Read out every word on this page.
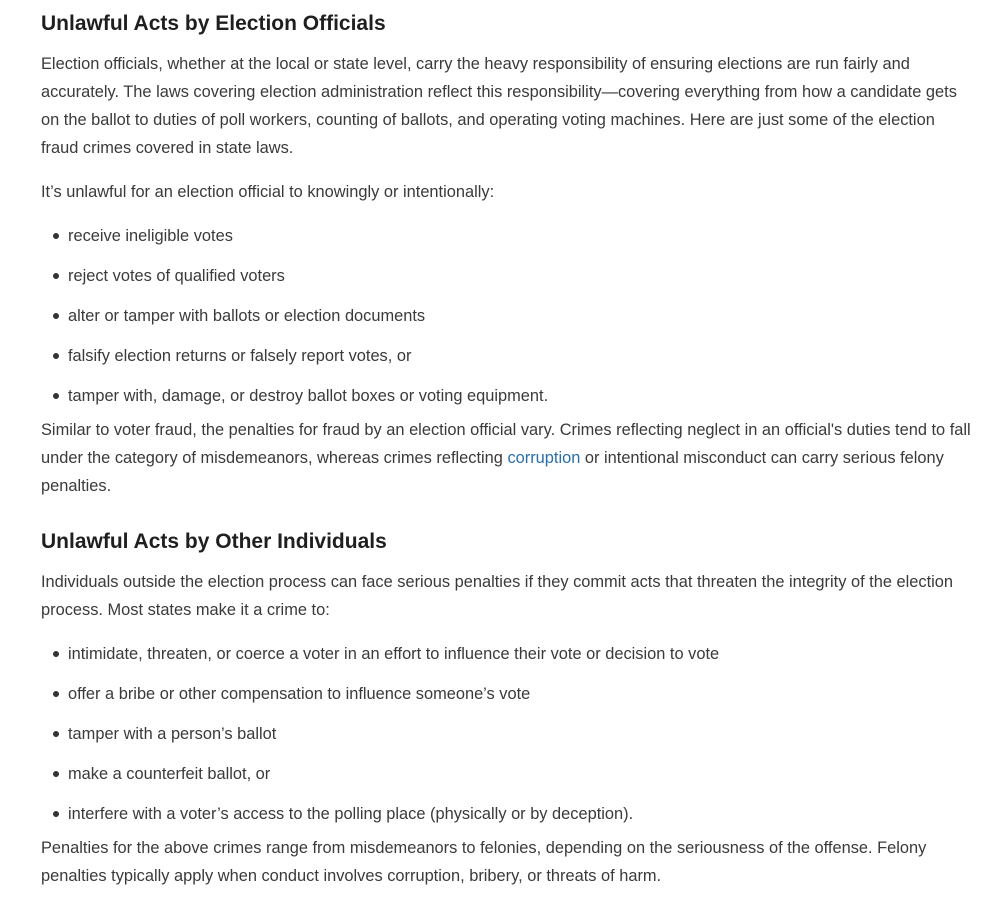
Unlawful Acts by Election Officials

Election officials, whether at the local or state level, carry the heavy responsibility of ensuring elections are run fairly and accurately. The laws covering election administration reflect this responsibility—covering everything from how a candidate gets on the ballot to duties of poll workers, counting of ballots, and operating voting machines. Here are just some of the election fraud crimes covered in state laws.

It’s unlawful for an election official to knowingly or intentionally:

receive ineligible votes
reject votes of qualified voters
alter or tamper with ballots or election documents
falsify election returns or falsely report votes, or
tamper with, damage, or destroy ballot boxes or voting equipment.

Similar to voter fraud, the penalties for fraud by an election official vary. Crimes reflecting neglect in an official's duties tend to fall under the category of misdemeanors, whereas crimes reflecting corruption or intentional misconduct can carry serious felony penalties.

Unlawful Acts by Other Individuals

Individuals outside the election process can face serious penalties if they commit acts that threaten the integrity of the election process. Most states make it a crime to:

intimidate, threaten, or coerce a voter in an effort to influence their vote or decision to vote
offer a bribe or other compensation to influence someone’s vote
tamper with a person’s ballot
make a counterfeit ballot, or
interfere with a voter’s access to the polling place (physically or by deception).

Penalties for the above crimes range from misdemeanors to felonies, depending on the seriousness of the offense. Felony penalties typically apply when conduct involves corruption, bribery, or threats of harm.
